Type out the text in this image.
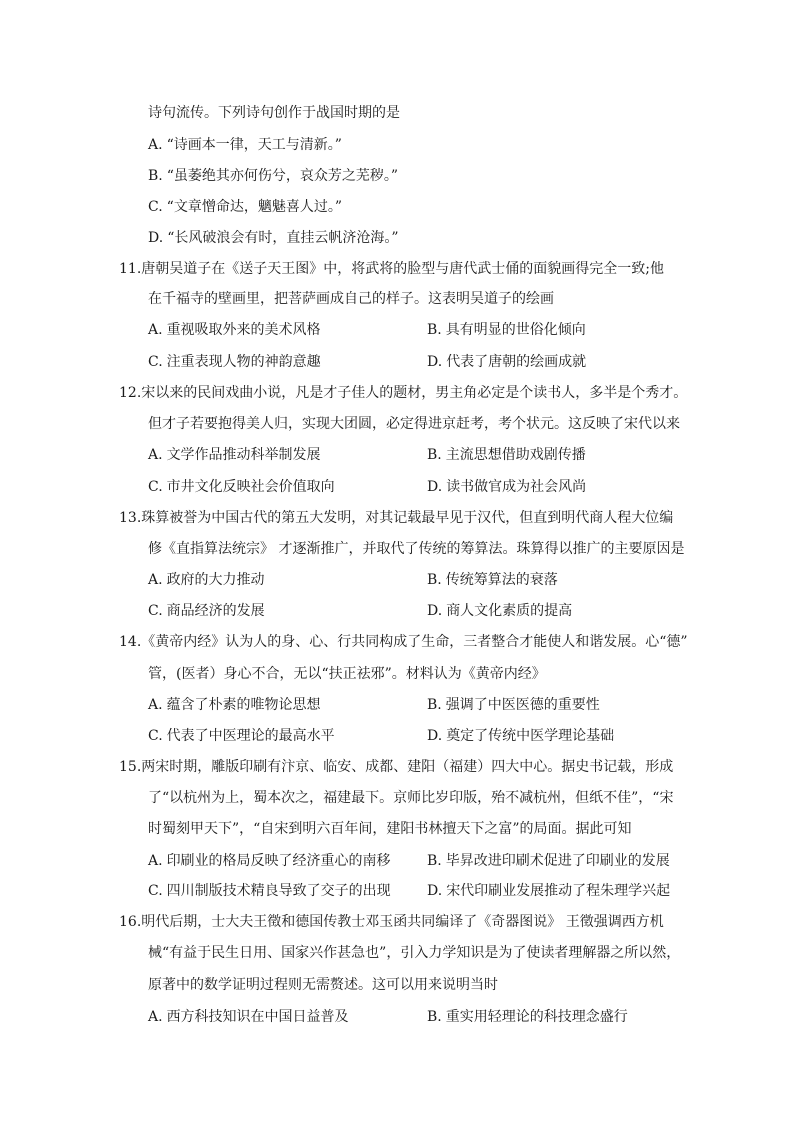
诗句流传。下列诗句创作于战国时期的是
A. “诗画本一律，天工与清新。”
B. “虽萎绝其亦何伤兮，哀众芳之芜秽。”
C. “文章憎命达，魑魅喜人过。”
D. “长风破浪会有时，直挂云帆济沧海。”
11.唐朝吴道子在《送子天王图》中，将武将的脸型与唐代武士俑的面貌画得完全一致;他
在千福寺的壁画里，把菩萨画成自己的样子。这表明吴道子的绘画
A. 重视吸取外来的美术风格	B. 具有明显的世俗化倾向
C. 注重表现人物的神韵意趣	D. 代表了唐朝的绘画成就
12.宋以来的民间戏曲小说，凡是才子佳人的题材，男主角必定是个读书人，多半是个秀才。
但才子若要抱得美人归，实现大团圆，必定得进京赶考，考个状元。这反映了宋代以来
A. 文学作品推动科举制发展	B. 主流思想借助戏剧传播
C. 市井文化反映社会价值取向	D. 读书做官成为社会风尚
13.珠算被誉为中国古代的第五大发明，对其记载最早见于汉代，但直到明代商人程大位编
修《直指算法统宗》 才逐渐推广，并取代了传统的筹算法。珠算得以推广的主要原因是
A. 政府的大力推动	B. 传统筹算法的衰落
C. 商品经济的发展	D. 商人文化素质的提高
14.《黄帝内经》认为人的身、心、行共同构成了生命，三者整合才能使人和谐发展。心“德”
管，(医者）身心不合，无以“扶正祛邪”。材料认为《黄帝内经》
A. 蕴含了朴素的唯物论思想	B. 强调了中医医德的重要性
C. 代表了中医理论的最高水平	D. 奠定了传统中医学理论基础
15.两宋时期，雕版印刷有汴京、临安、成都、建阳（福建）四大中心。据史书记载，形成
了“以杭州为上，蜀本次之，福建最下。京师比岁印版，殆不减杭州，但纸不佳”，“宋
时蜀刻甲天下”，“自宋到明六百年间，建阳书林擅天下之富”的局面。据此可知
A. 印刷业的格局反映了经济重心的南移	B. 毕昇改进印刷术促进了印刷业的发展
C. 四川制版技术精良导致了交子的出现	D. 宋代印刷业发展推动了程朱理学兴起
16.明代后期，士大夫王徵和德国传教士邓玉函共同编译了《奇器图说》 王徵强调西方机
械“有益于民生日用、国家兴作甚急也”，引入力学知识是为了使读者理解器之所以然，
原著中的数学证明过程则无需赘述。这可以用来说明当时
A. 西方科技知识在中国日益普及	B. 重实用轻理论的科技理念盛行
